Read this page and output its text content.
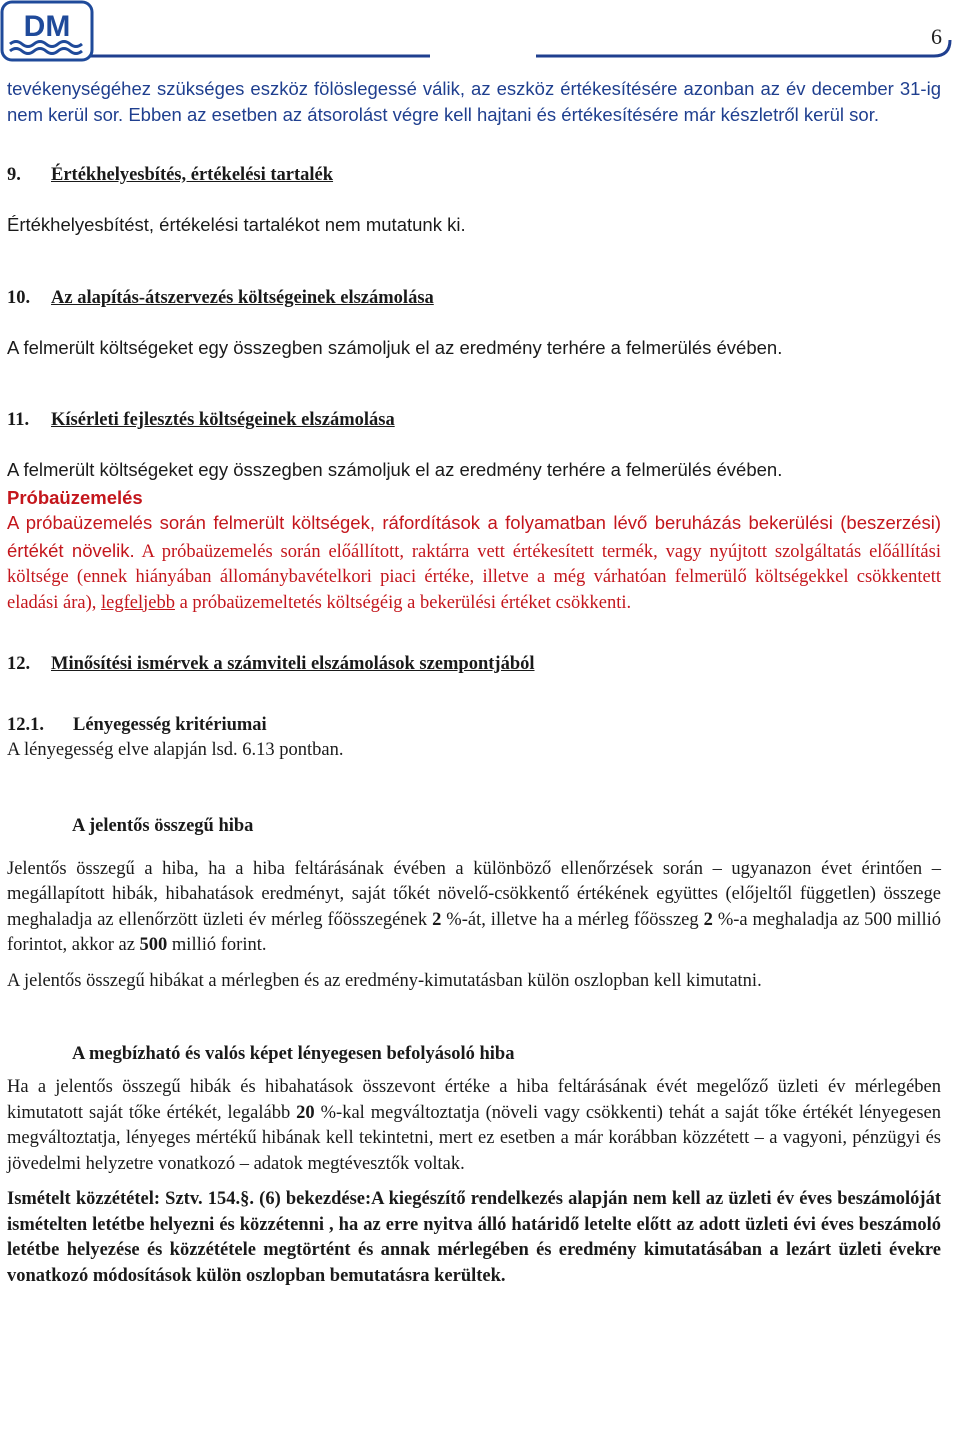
DM	6

tevékenységéhez szükséges eszköz fölöslegessé válik, az eszköz értékesítésére azonban az év december 31-ig nem kerül sor. Ebben az esetben az átsorolást végre kell hajtani és értékesítésére már készletről kerül sor.

9. Értékhelyesbítés, értékelési tartalék

Értékhelyesbítést, értékelési tartalékot nem mutatunk ki.

10. Az alapítás-átszervezés költségeinek elszámolása

A felmerült költségeket egy összegben számoljuk el az eredmény terhére a felmerülés évében.

11. Kísérleti fejlesztés költségeinek elszámolása

A felmerült költségeket egy összegben számoljuk el az eredmény terhére a felmerülés évében.

Próbaüzemelés

A próbaüzemelés során felmerült költségek, ráfordítások a folyamatban lévő beruházás bekerülési (beszerzési) értékét növelik. A próbaüzemelés során előállított, raktárra vett értékesített termék, vagy nyújtott szolgáltatás előállítási költsége (ennek hiányában állománybavételkori piaci értéke, illetve a még várhatóan felmerülő költségekkel csökkentett eladási ára), legfeljebb a próbaüzemeltetés költségéig a bekerülési értéket csökkenti.

12. Minősítési ismérvek a számviteli elszámolások szempontjából
12.1. Lényegesség kritériumai

A lényegesség elve alapján lsd. 6.13 pontban.

A jelentős összegű hiba

Jelentős összegű a hiba, ha a hiba feltárásának évében a különböző ellenőrzések során – ugyanazon évet érintően – megállapított hibák, hibahatások eredményt, saját tőkét növelő-csökkentő értékének együttes (előjeltől független) összege meghaladja az ellenőrzött üzleti év mérleg főösszegének 2 %-át, illetve ha a mérleg főösszeg 2 %-a meghaladja az 500 millió forintot, akkor az 500 millió forint.

A jelentős összegű hibákat a mérlegben és az eredmény-kimutatásban külön oszlopban kell kimutatni.

A megbízható és valós képet lényegesen befolyásoló hiba

Ha a jelentős összegű hibák és hibahatások összevont értéke a hiba feltárásának évét megelőző üzleti év mérlegében kimutatott saját tőke értékét, legalább 20 %-kal megváltoztatja (növeli vagy csökkenti) tehát a saját tőke értékét lényegesen megváltoztatja, lényeges mértékű hibának kell tekintetni, mert ez esetben a már korábban közzétett – a vagyoni, pénzügyi és jövedelmi helyzetre vonatkozó – adatok megtévesztők voltak.

Ismételt közzététel: Sztv. 154.§. (6) bekezdése:A kiegészítő rendelkezés alapján nem kell az üzleti év éves beszámolóját ismételten letétbe helyezni és közzétenni , ha az erre nyitva álló határidő letelte előtt az adott üzleti évi éves beszámoló letétbe helyezése és közzététele megtörtént és annak mérlegében és eredmény kimutatásában a lezárt üzleti évekre vonatkozó módosítások külön oszlopban bemutatásra kerültek.
